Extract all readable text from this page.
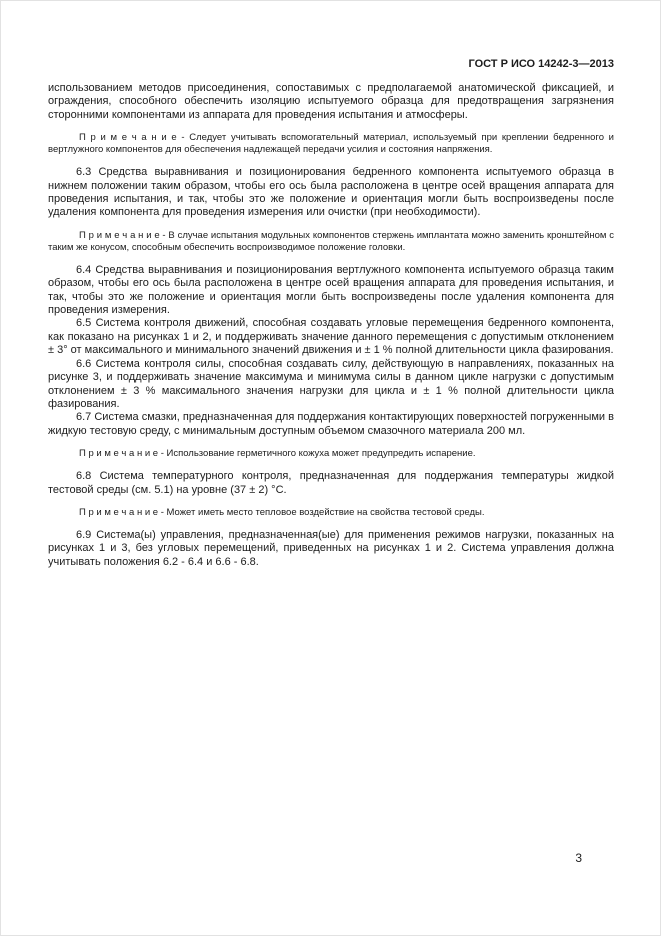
ГОСТ Р ИСО 14242-3—2013

использованием методов присоединения, сопоставимых с предполагаемой анатомической фиксацией, и ограждения, способного обеспечить изоляцию испытуемого образца для предотвращения загрязнения сторонними компонентами из аппарата для проведения испытания и атмосферы.

П р и м е ч а н и е - Следует учитывать вспомогательный материал, используемый при креплении бедренного и вертлужного компонентов для обеспечения надлежащей передачи усилия и состояния напряжения.

6.3 Средства выравнивания и позиционирования бедренного компонента испытуемого образца в нижнем положении таким образом, чтобы его ось была расположена в центре осей вращения аппарата для проведения испытания, и так, чтобы это же положение и ориентация могли быть воспроизведены после удаления компонента для проведения измерения или очистки (при необходимости).

П р и м е ч а н и е - В случае испытания модульных компонентов стержень имплантата можно заменить кронштейном с таким же конусом, способным обеспечить воспроизводимое положение головки.

6.4 Средства выравнивания и позиционирования вертлужного компонента испытуемого образца таким образом, чтобы его ось была расположена в центре осей вращения аппарата для проведения испытания, и так, чтобы это же положение и ориентация могли быть воспроизведены после удаления компонента для проведения измерения.

6.5 Система контроля движений, способная создавать угловые перемещения бедренного компонента, как показано на рисунках 1 и 2, и поддерживать значение данного перемещения с допустимым отклонением ± 3° от максимального и минимального значений движения и ± 1 % полной длительности цикла фазирования.

6.6 Система контроля силы, способная создавать силу, действующую в направлениях, показанных на рисунке 3, и поддерживать значение максимума и минимума силы в данном цикле нагрузки с допустимым отклонением ± 3 % максимального значения нагрузки для цикла и ± 1 % полной длительности цикла фазирования.

6.7 Система смазки, предназначенная для поддержания контактирующих поверхностей погруженными в жидкую тестовую среду, с минимальным доступным объемом смазочного материала 200 мл.

П р и м е ч а н и е - Использование герметичного кожуха может предупредить испарение.

6.8 Система температурного контроля, предназначенная для поддержания температуры жидкой тестовой среды (см. 5.1) на уровне (37 ± 2) °С.

П р и м е ч а н и е - Может иметь место тепловое воздействие на свойства тестовой среды.

6.9 Система(ы) управления, предназначенная(ые) для применения режимов нагрузки, показанных на рисунках 1 и 3, без угловых перемещений, приведенных на рисунках 1 и 2. Система управления должна учитывать положения 6.2 - 6.4 и 6.6 - 6.8.

3
